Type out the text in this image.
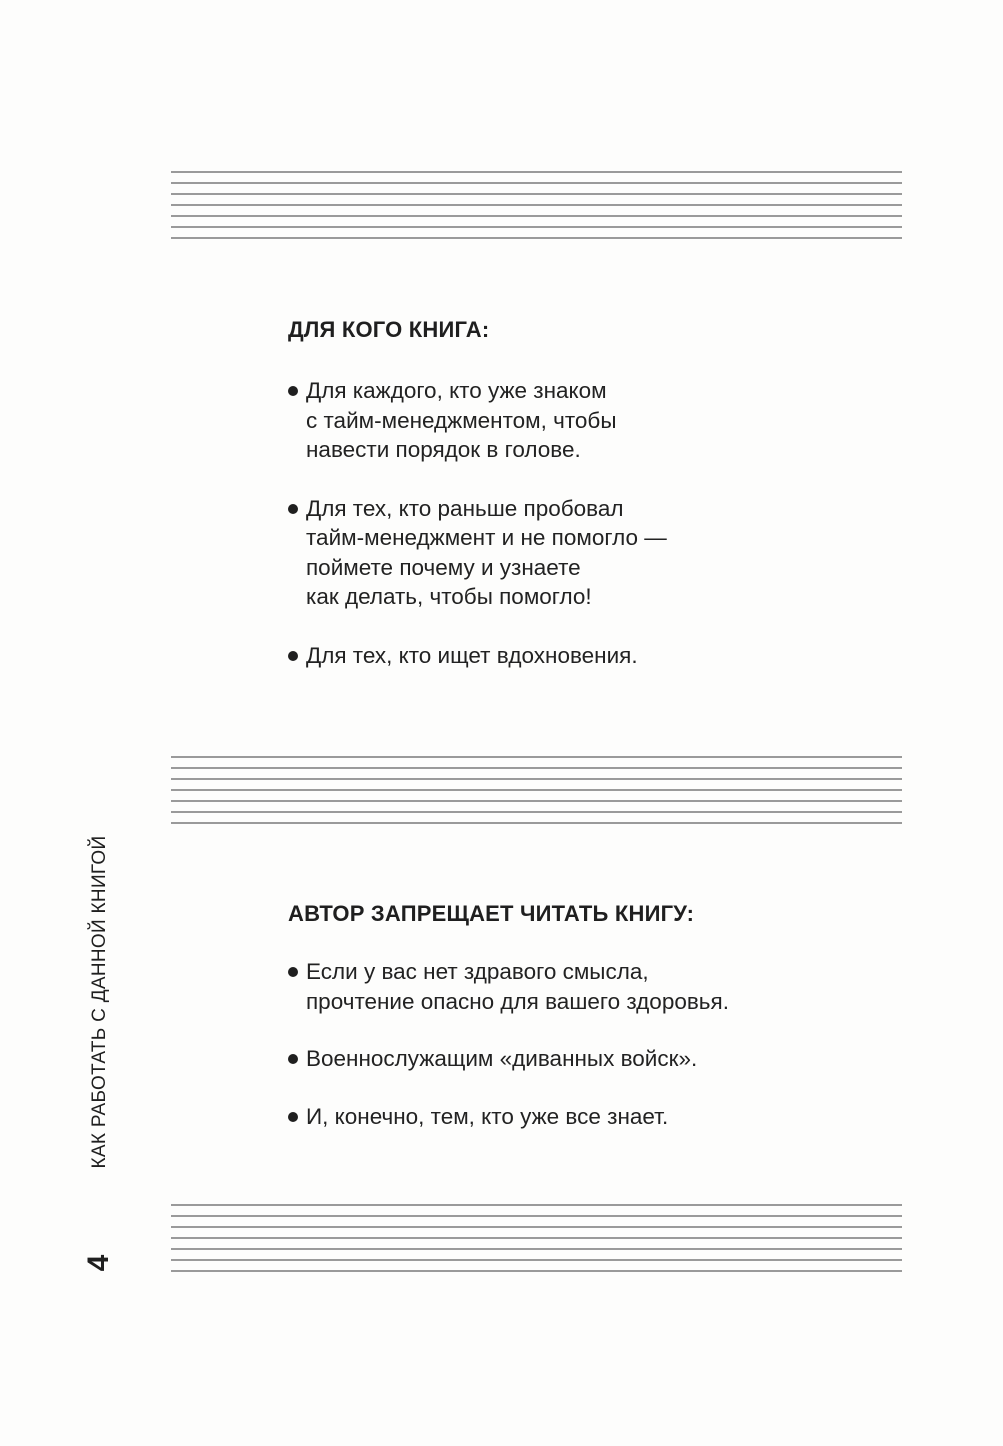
ДЛЯ КОГО КНИГА:
Для каждого, кто уже знаком
с тайм-менеджментом, чтобы
навести порядок в голове.
Для тех, кто раньше пробовал
тайм-менеджмент и не помогло —
поймете почему и узнаете
как делать, чтобы помогло!
Для тех, кто ищет вдохновения.
АВТОР ЗАПРЕЩАЕТ ЧИТАТЬ КНИГУ:
Если у вас нет здравого смысла,
прочтение опасно для вашего здоровья.
Военнослужащим «диванных войск».
И, конечно, тем, кто уже все знает.
КАК РАБОТАТЬ С ДАННОЙ КНИГОЙ
4
